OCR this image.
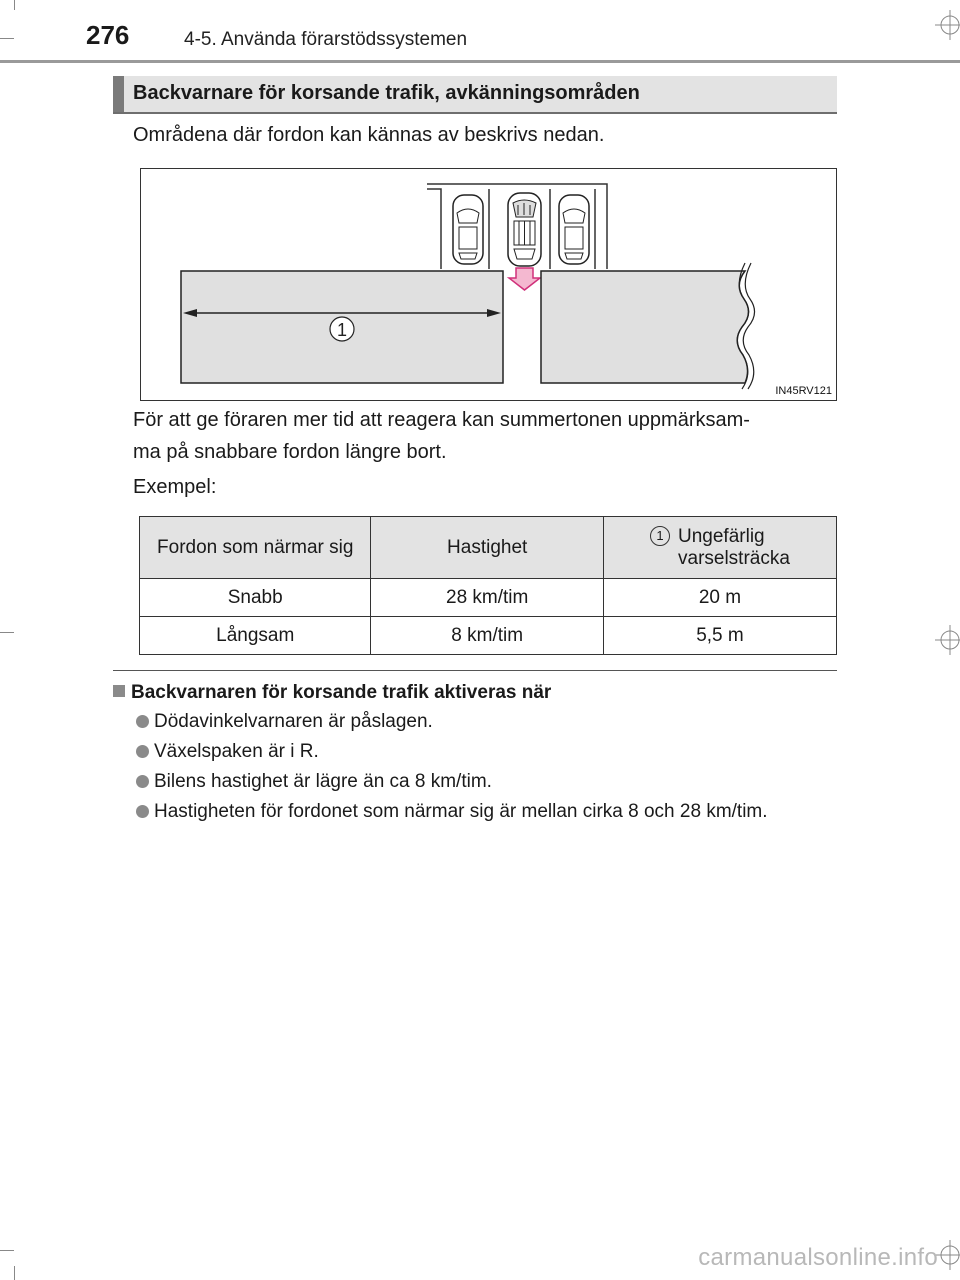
276	4-5. Använda förarstödssystemen
Backvarnare för korsande trafik, avkänningsområden
Områdena där fordon kan kännas av beskrivs nedan.
1
IN45RV121
För att ge föraren mer tid att reagera kan summertonen uppmärksam-
ma på snabbare fordon längre bort.
Exempel:
Fordon som närmar sig	Hastighet	1 Ungefärlig
varselsträcka

Snabb	28 km/tim	20 m
Långsam	8 km/tim	5,5 m
Backvarnaren för korsande trafik aktiveras när
Dödavinkelvarnaren är påslagen.
Växelspaken är i R.
Bilens hastighet är lägre än ca 8 km/tim.
Hastigheten för fordonet som närmar sig är mellan cirka 8 och 28 km/tim.
carmanualsonline.info
